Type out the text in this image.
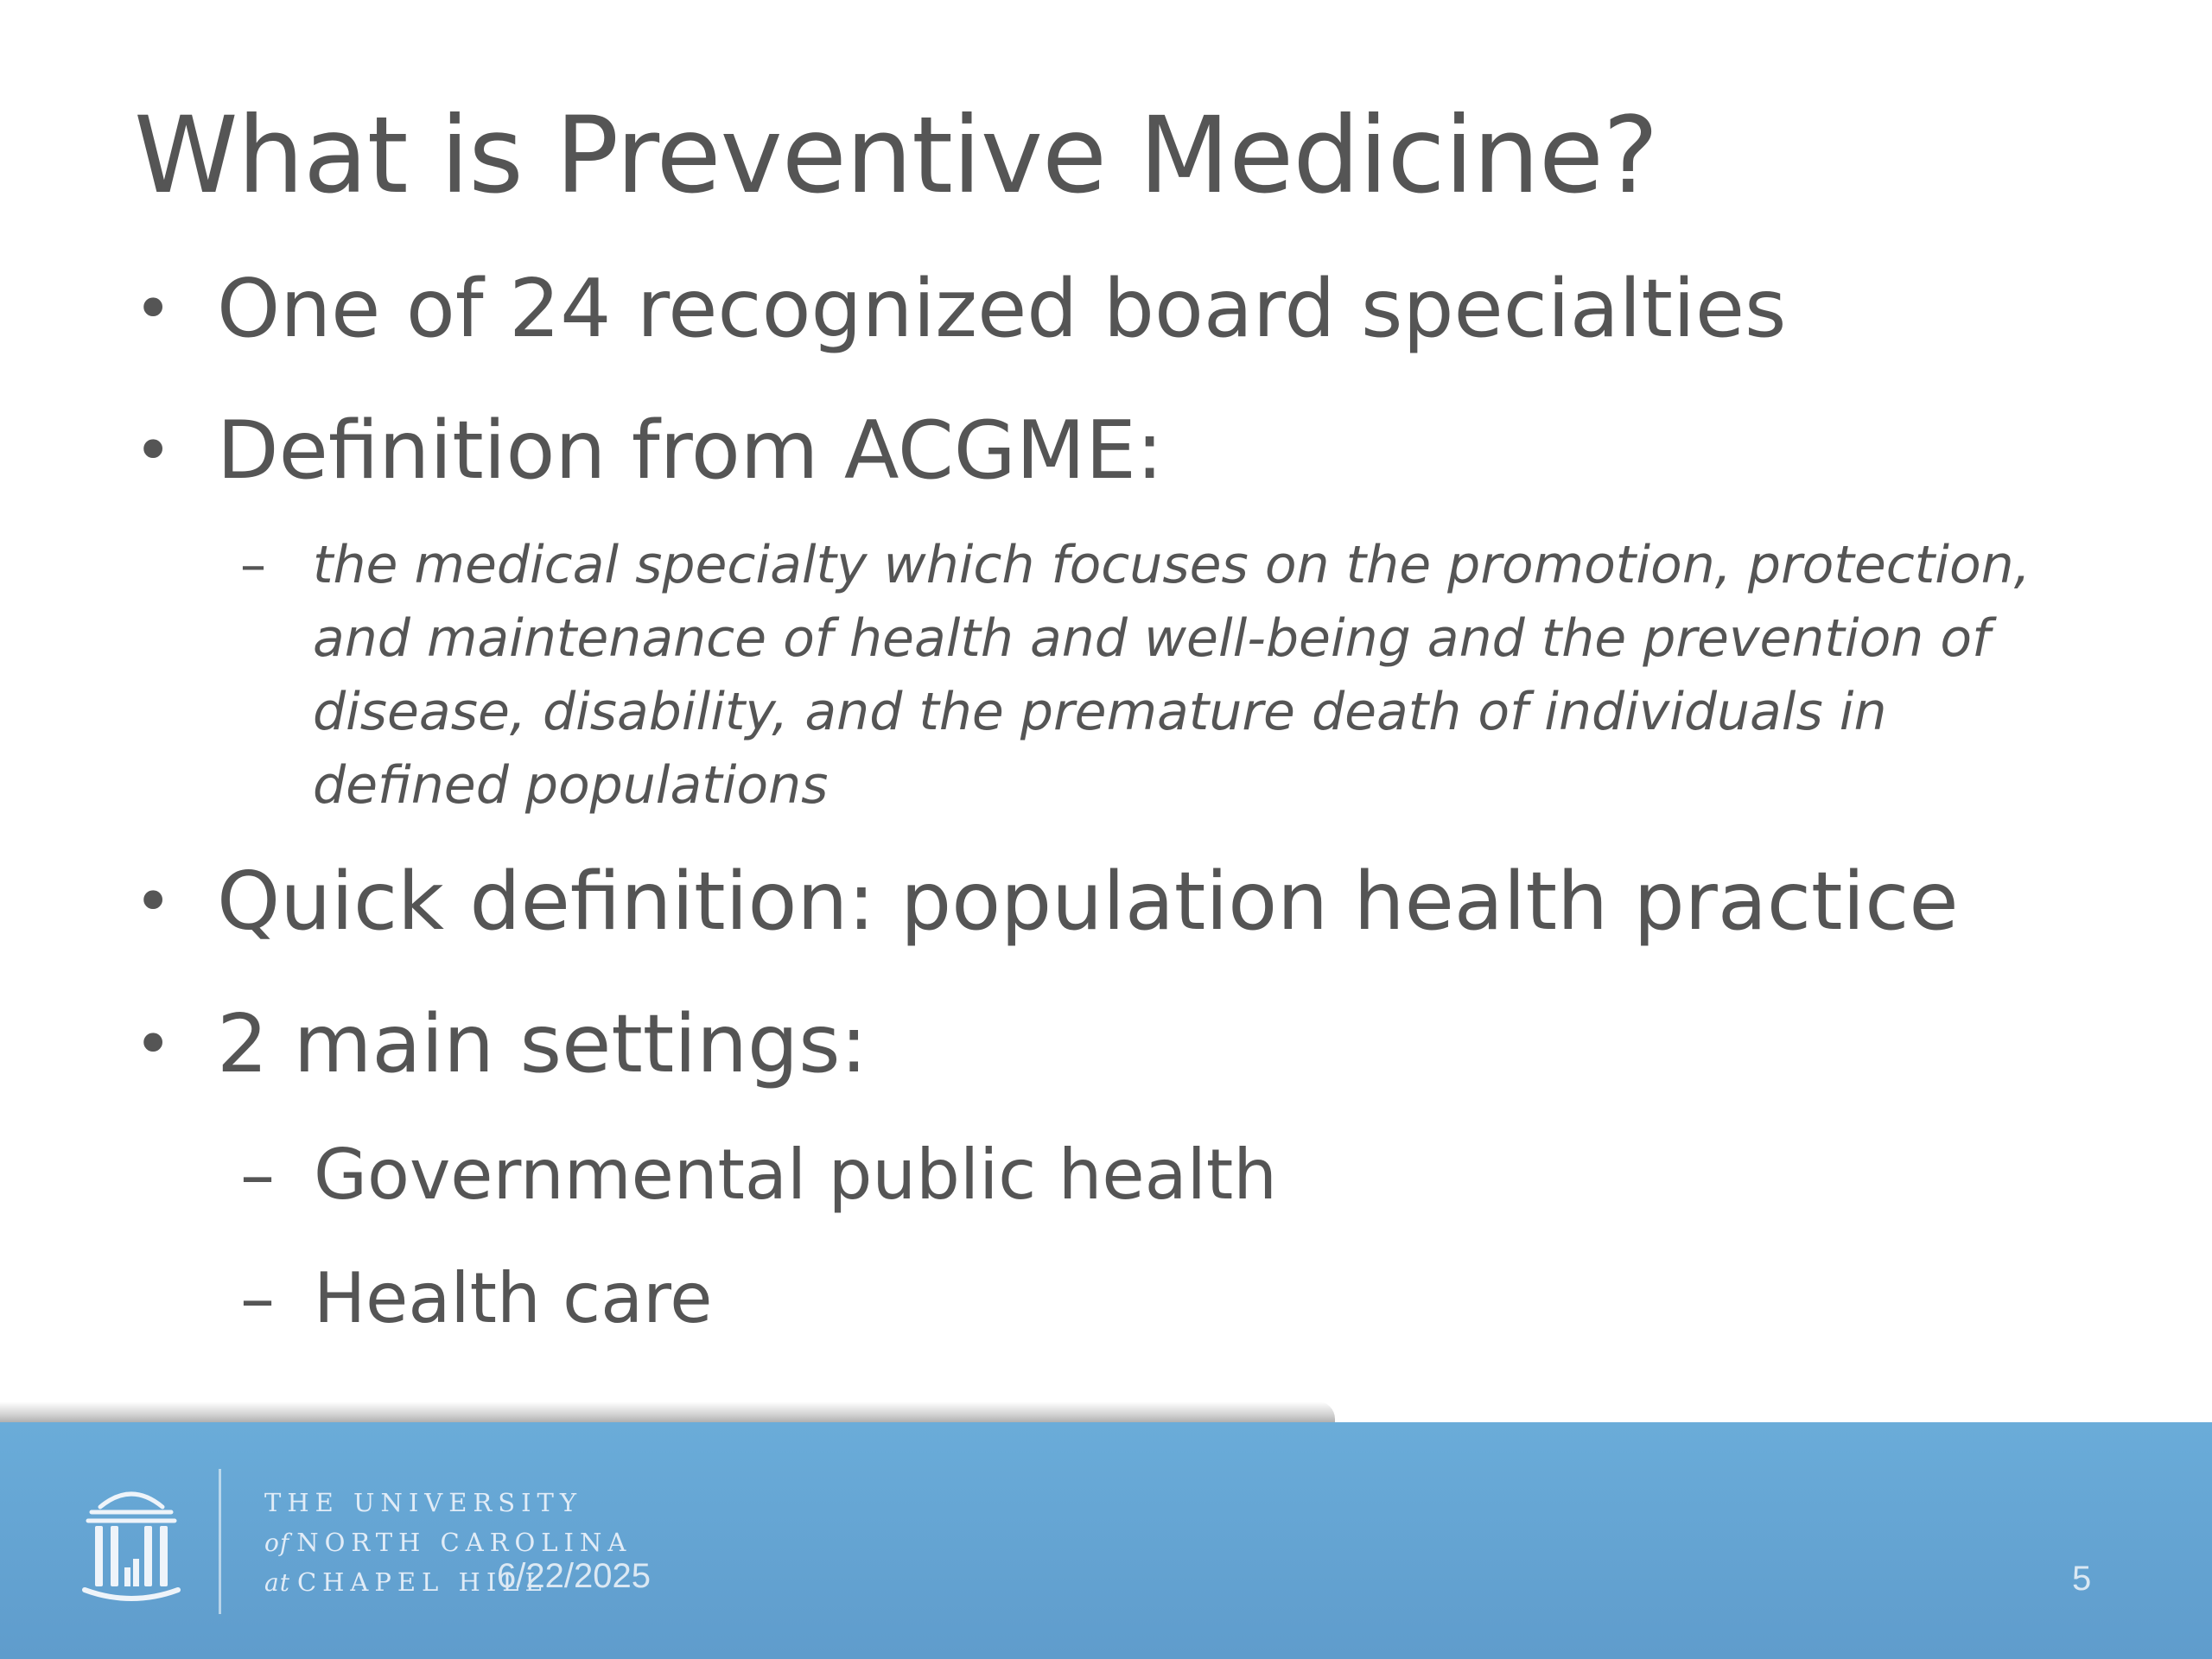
What is Preventive Medicine?
• One of 24 recognized board specialties
• Definition from ACGME:
– the medical specialty which focuses on the promotion, protection, and maintenance of health and well-being and the prevention of disease, disability, and the premature death of individuals in defined populations
• Quick definition: population health practice
• 2 main settings:
– Governmental public health
– Health care
THE UNIVERSITY
of NORTH CAROLINA
at CHAPEL HILL
6/22/2025	5
